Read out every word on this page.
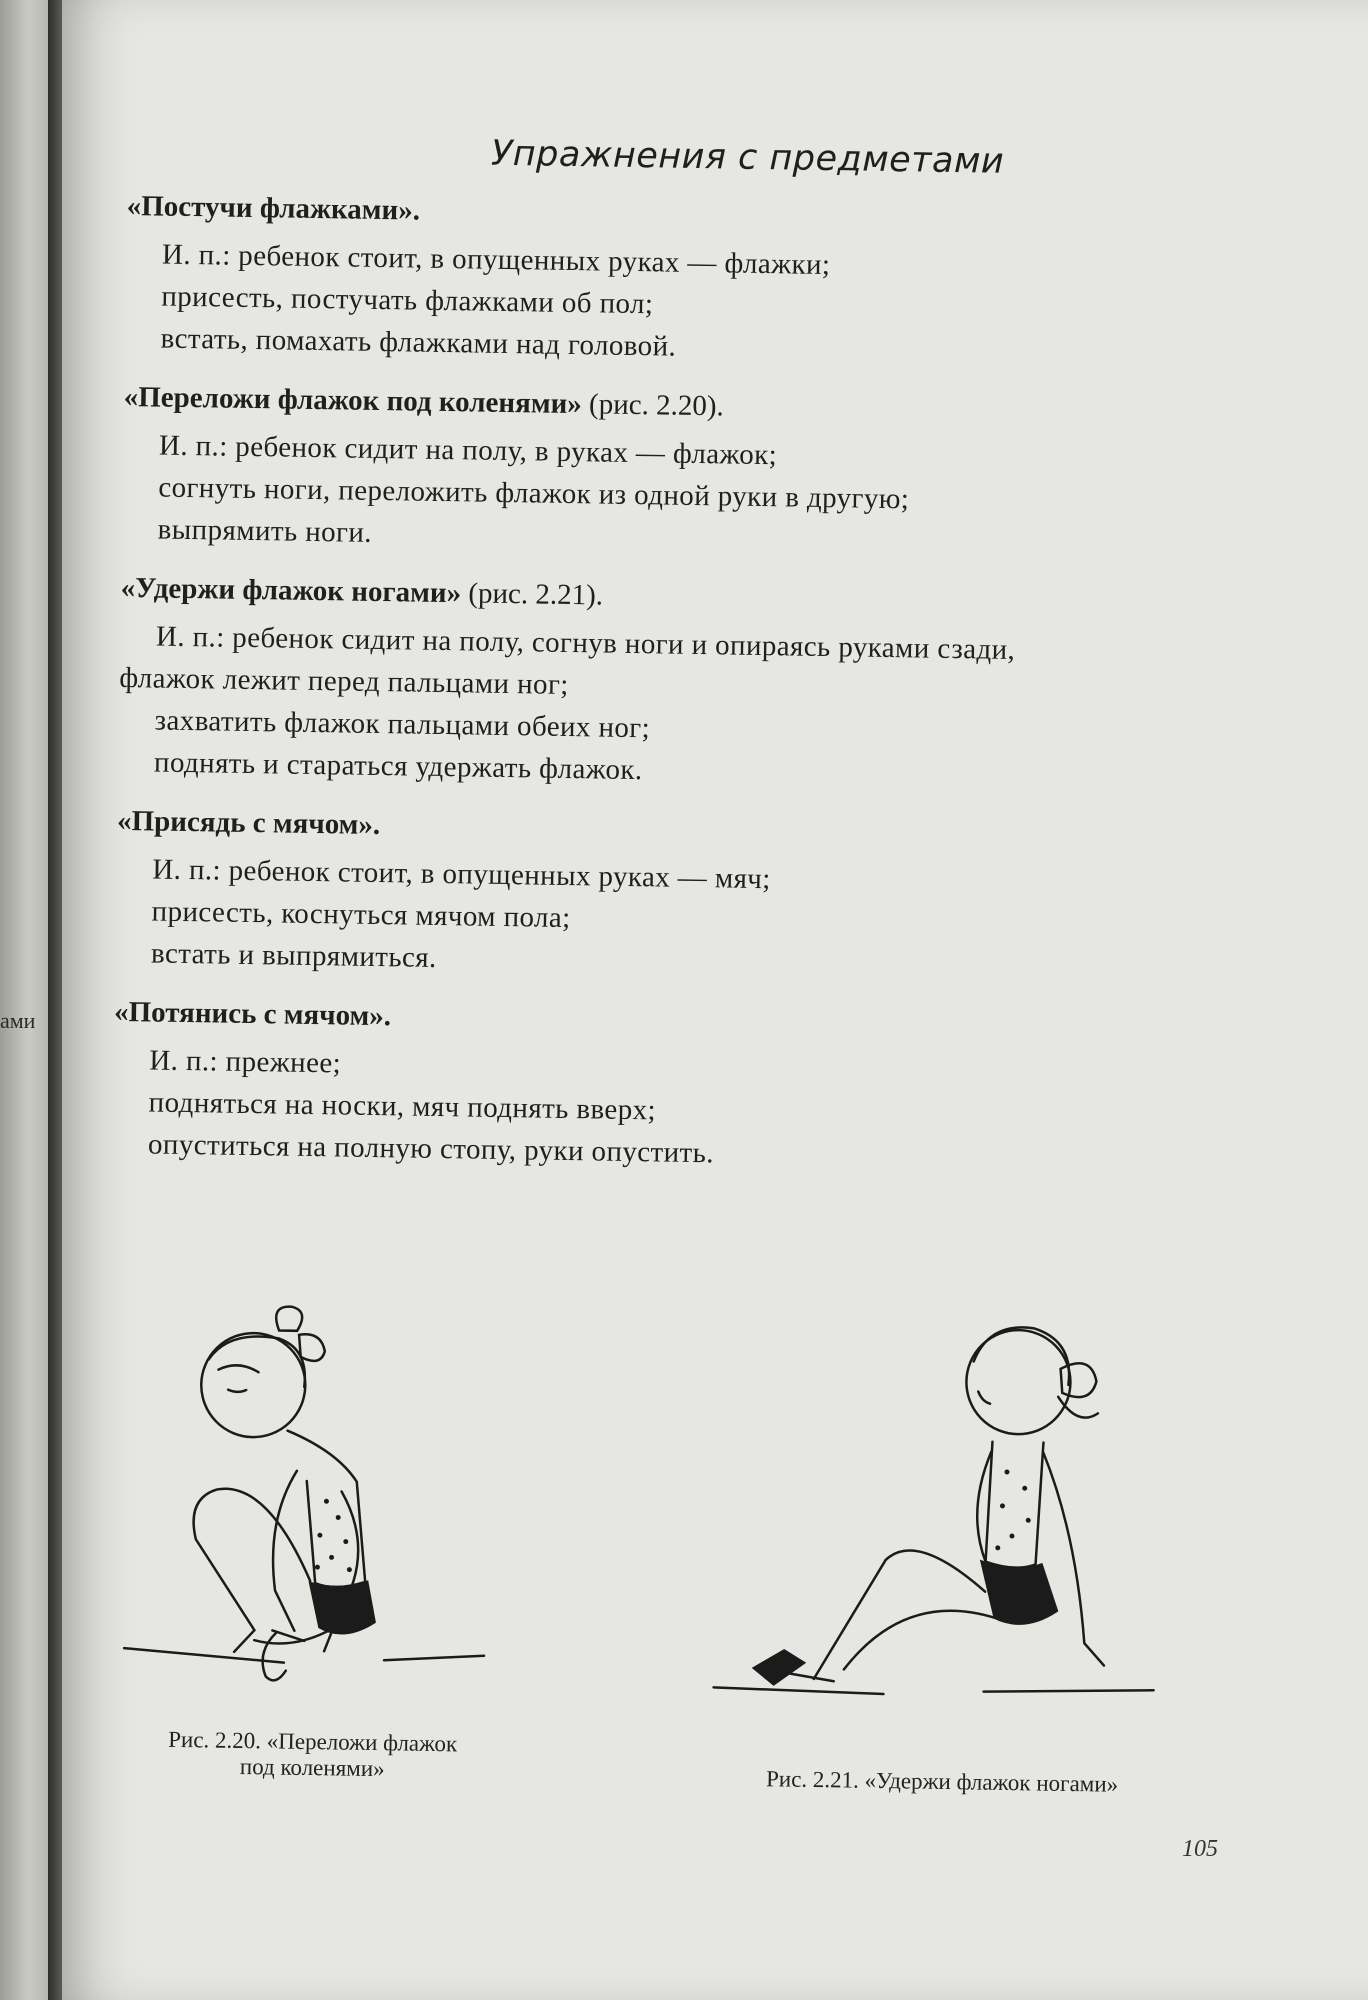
ами
Упражнения с предметами
«Постучи флажками».
И. п.: ребенок стоит, в опущенных руках — флажки;
присесть, постучать флажками об пол;
встать, помахать флажками над головой.
«Переложи флажок под коленями» (рис. 2.20).
И. п.: ребенок сидит на полу, в руках — флажок;
согнуть ноги, переложить флажок из одной руки в другую;
выпрямить ноги.
«Удержи флажок ногами» (рис. 2.21).
И. п.: ребенок сидит на полу, согнув ноги и опираясь руками сзади,
флажок лежит перед пальцами ног;
захватить флажок пальцами обеих ног;
поднять и стараться удержать флажок.
«Присядь с мячом».
И. п.: ребенок стоит, в опущенных руках — мяч;
присесть, коснуться мячом пола;
встать и выпрямиться.
«Потянись с мячом».
И. п.: прежнее;
подняться на носки, мяч поднять вверх;
опуститься на полную стопу, руки опустить.
Рис. 2.20. «Переложи флажок
под коленями»	Рис. 2.21. «Удержи флажок ногами»
105
